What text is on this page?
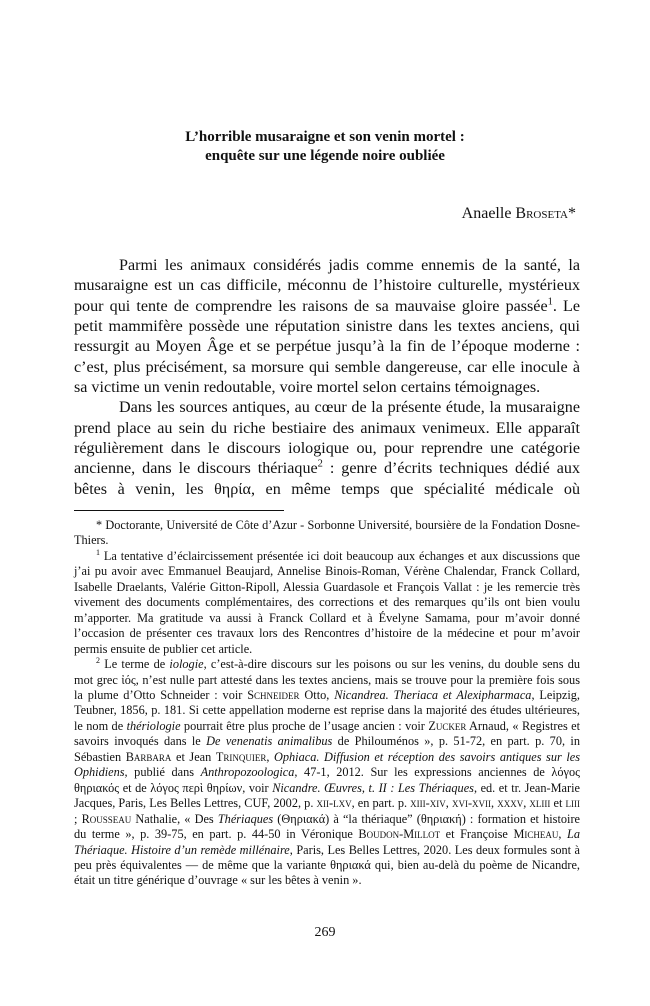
L’horrible musaraigne et son venin mortel :
enquête sur une légende noire oubliée
Anaelle Broseta*

Parmi les animaux considérés jadis comme ennemis de la santé, la musaraigne est un cas difficile, méconnu de l’histoire culturelle, mystérieux pour qui tente de comprendre les raisons de sa mauvaise gloire passée$^1$. Le petit mammifère possède une réputation sinistre dans les textes anciens, qui ressurgit au Moyen Âge et se perpétue jusqu’à la fin de l’époque moderne : c’est, plus précisément, sa morsure qui semble dangereuse, car elle inocule à sa victime un venin redoutable, voire mortel selon certains témoignages.

Dans les sources antiques, au cœur de la présente étude, la musaraigne prend place au sein du riche bestiaire des animaux venimeux. Elle apparaît régulièrement dans le discours iologique ou, pour reprendre une catégorie ancienne, dans le discours thériaque$^2$ : genre d’écrits techniques dédié aux bêtes à venin, les θηρία, en même temps que spécialité médicale où

* Doctorante, Université de Côte d’Azur - Sorbonne Université, boursière de la Fondation Dosne-Thiers.

$^1$ La tentative d’éclaircissement présentée ici doit beaucoup aux échanges et aux discussions que j’ai pu avoir avec Emmanuel Beaujard, Annelise Binois-Roman, Vérène Chalendar, Franck Collard, Isabelle Draelants, Valérie Gitton-Ripoll, Alessia Guardasole et François Vallat : je les remercie très vivement des documents complémentaires, des corrections et des remarques qu’ils ont bien voulu m’apporter. Ma gratitude va aussi à Franck Collard et à Évelyne Samama, pour m’avoir donné l’occasion de présenter ces travaux lors des Rencontres d’histoire de la médecine et pour m’avoir permis ensuite de publier cet article.

$^2$ Le terme de iologie, c’est-à-dire discours sur les poisons ou sur les venins, du double sens du mot grec ἰός, n’est nulle part attesté dans les textes anciens, mais se trouve pour la première fois sous la plume d’Otto Schneider : voir Schneider Otto, Nicandrea. Theriaca et Alexipharmaca, Leipzig, Teubner, 1856, p. 181. Si cette appellation moderne est reprise dans la majorité des études ultérieures, le nom de thériologie pourrait être plus proche de l’usage ancien : voir Zucker Arnaud, « Registres et savoirs invoqués dans le De venenatis animalibus de Philouménos », p. 51-72, en part. p. 70, in Sébastien Barbara et Jean Trinquier, Ophiaca. Diffusion et réception des savoirs antiques sur les Ophidiens, publié dans Anthropozoologica, 47-1, 2012. Sur les expressions anciennes de λόγος θηριακός et de λόγος περὶ θηρίων, voir Nicandre. Œuvres, t. II : Les Thériaques, ed. et tr. Jean-Marie Jacques, Paris, Les Belles Lettres, CUF, 2002, p. xii-lxv, en part. p. xiii-xiv, xvi-xvii, xxxv, xliii et liii ; Rousseau Nathalie, « Des Thériaques (Θηριακά) à “la thériaque” (θηριακή) : formation et histoire du terme », p. 39-75, en part. p. 44-50 in Véronique Boudon-Millot et Françoise Micheau, La Thériaque. Histoire d’un remède millénaire, Paris, Les Belles Lettres, 2020. Les deux formules sont à peu près équivalentes — de même que la variante θηριακά qui, bien au-delà du poème de Nicandre, était un titre générique d’ouvrage « sur les bêtes à venin ».

269
